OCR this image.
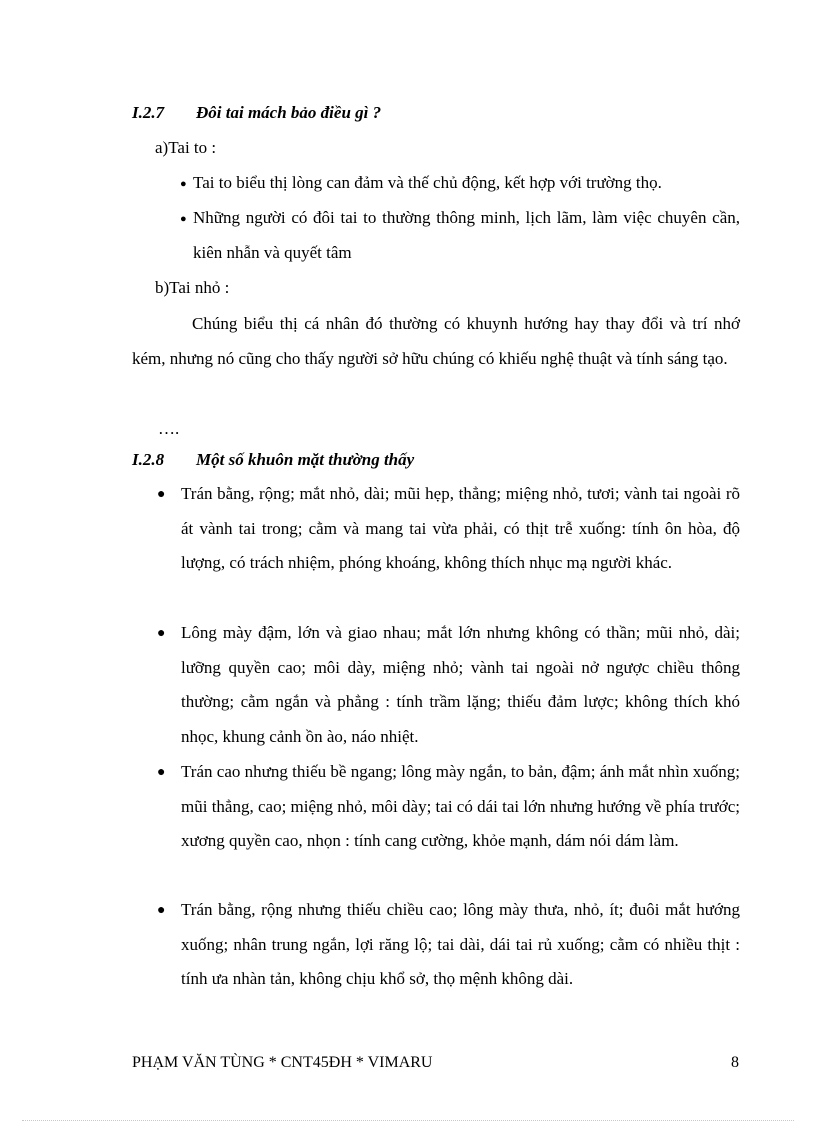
I.2.7 Đôi tai mách bảo điều gì ?
a)Tai to :
● Tai to biểu thị lòng can đảm và thế chủ động, kết hợp với trường thọ.
● Những người có đôi tai to thường thông minh, lịch lãm, làm việc chuyên cần, kiên nhẫn và quyết tâm
b)Tai nhỏ :
Chúng biểu thị cá nhân đó thường có khuynh hướng hay thay đổi và trí nhớ kém, nhưng nó cũng cho thấy người sở hữu chúng có khiếu nghệ thuật và tính sáng tạo.
….
I.2.8 Một số khuôn mặt thường thấy
● Trán bằng, rộng; mắt nhỏ, dài; mũi hẹp, thẳng; miệng nhỏ, tươi; vành tai ngoài rõ át vành tai trong; cằm và mang tai vừa phải, có thịt trễ xuống: tính ôn hòa, độ lượng, có trách nhiệm, phóng khoáng, không thích nhục mạ người khác.
● Lông mày đậm, lớn và giao nhau; mắt lớn nhưng không có thần; mũi nhỏ, dài; lưỡng quyền cao; môi dày, miệng nhỏ; vành tai ngoài nở ngược chiều thông thường; cằm ngắn và phẳng : tính trầm lặng; thiếu đảm lược; không thích khó nhọc, khung cảnh ồn ào, náo nhiệt.
● Trán cao nhưng thiếu bề ngang; lông mày ngắn, to bản, đậm; ánh mắt nhìn xuống; mũi thẳng, cao; miệng nhỏ, môi dày; tai có dái tai lớn nhưng hướng về phía trước; xương quyền cao, nhọn : tính cang cường, khỏe mạnh, dám nói dám làm.
● Trán bằng, rộng nhưng thiếu chiều cao; lông mày thưa, nhỏ, ít; đuôi mắt hướng xuống; nhân trung ngắn, lợi răng lộ; tai dài, dái tai rủ xuống; cằm có nhiều thịt : tính ưa nhàn tản, không chịu khổ sở, thọ mệnh không dài.
PHẠM VĂN TÙNG * CNT45ĐH * VIMARU	8
